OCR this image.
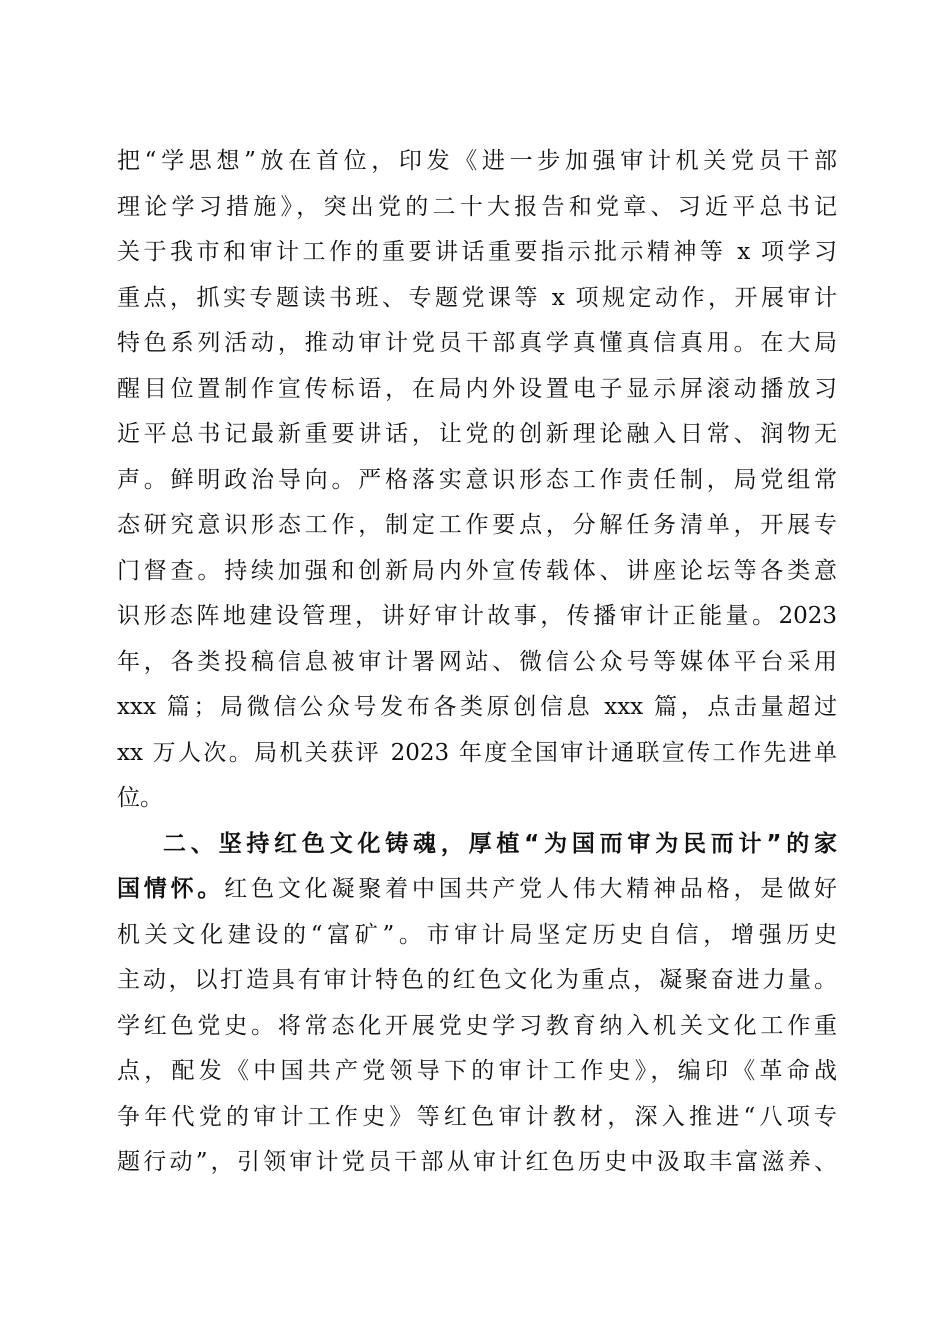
把“学思想”放在首位，印发《进一步加强审计机关党员干部
理论学习措施》，突出党的二十大报告和党章、习近平总书记
关于我市和审计工作的重要讲话重要指示批示精神等 x 项学习
重点，抓实专题读书班、专题党课等 x 项规定动作，开展审计
特色系列活动，推动审计党员干部真学真懂真信真用。在大局
醒目位置制作宣传标语，在局内外设置电子显示屏滚动播放习
近平总书记最新重要讲话，让党的创新理论融入日常、润物无
声。鲜明政治导向。严格落实意识形态工作责任制，局党组常
态研究意识形态工作，制定工作要点，分解任务清单，开展专
门督查。持续加强和创新局内外宣传载体、讲座论坛等各类意
识形态阵地建设管理，讲好审计故事，传播审计正能量。2023
年，各类投稿信息被审计署网站、微信公众号等媒体平台采用
xxx 篇；局微信公众号发布各类原创信息 xxx 篇，点击量超过
xx 万人次。局机关获评 2023 年度全国审计通联宣传工作先进单
位。
二、坚持红色文化铸魂，厚植“为国而审为民而计”的家
国情怀。红色文化凝聚着中国共产党人伟大精神品格，是做好
机关文化建设的“富矿”。市审计局坚定历史自信，增强历史
主动，以打造具有审计特色的红色文化为重点，凝聚奋进力量。
学红色党史。将常态化开展党史学习教育纳入机关文化工作重
点，配发《中国共产党领导下的审计工作史》，编印《革命战
争年代党的审计工作史》等红色审计教材，深入推进“八项专
题行动”，引领审计党员干部从审计红色历史中汲取丰富滋养、
